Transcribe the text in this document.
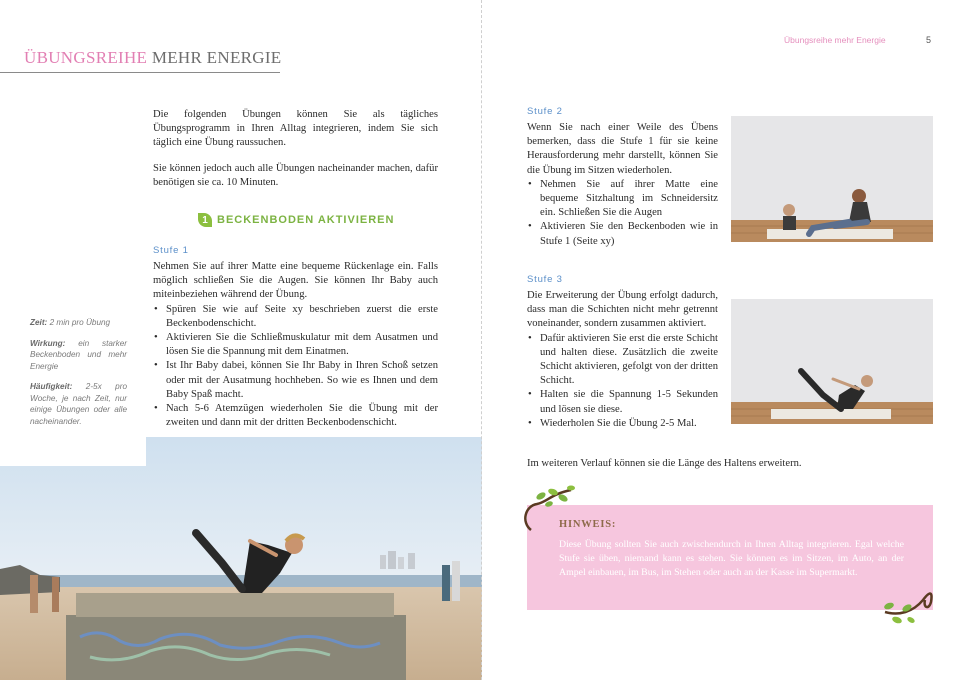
ÜBUNGSREIHE MEHR ENERGIE

Die folgenden Übungen können Sie als tägliches Übungsprogramm in Ihren Alltag integrieren, indem Sie sich täglich eine Übung raussuchen.

Sie können jedoch auch alle Übungen nacheinander machen, dafür benötigen sie ca. 10 Minuten.

1 BECKENBODEN AKTIVIEREN
Stufe 1
Nehmen Sie auf ihrer Matte eine bequeme Rückenlage ein. Falls möglich schließen Sie die Augen. Sie können Ihr Baby auch miteinbeziehen während der Übung.
• Spüren Sie wie auf Seite xy beschrieben zuerst die erste Beckenbodenschicht.
• Aktivieren Sie die Schließmuskulatur mit dem Ausatmen und lösen Sie die Spannung mit dem Einatmen.
• Ist Ihr Baby dabei, können Sie Ihr Baby in Ihren Schoß setzen oder mit der Ausatmung hochheben. So wie es Ihnen und dem Baby Spaß macht.
• Nach 5-6 Atemzügen wiederholen Sie die Übung mit der zweiten und dann mit der dritten Beckenbodenschicht.

Zeit: 2 min pro Übung

Wirkung: ein starker Beckenboden und mehr Energie

Häufigkeit: 2-5x pro Woche, je nach Zeit, nur einige Übungen oder alle nacheinander.

Übungsreihe mehr Energie	5
Stufe 2
Wenn Sie nach einer Weile des Übens bemerken, dass die Stufe 1 für sie keine Herausforderung mehr darstellt, können Sie die Übung im Sitzen wiederholen.
• Nehmen Sie auf ihrer Matte eine bequeme Sitzhaltung im Schneidersitz ein. Schließen Sie die Augen
• Aktivieren Sie den Beckenboden wie in Stufe 1 (Seite xy)
Stufe 3
Die Erweiterung der Übung erfolgt dadurch, dass man die Schichten nicht mehr getrennt voneinander, sondern zusammen aktiviert.
• Dafür aktivieren Sie erst die erste Schicht und halten diese. Zusätzlich die zweite Schicht aktivieren, gefolgt von der dritten Schicht.
• Halten sie die Spannung 1-5 Sekunden und lösen sie diese.
• Wiederholen Sie die Übung 2-5 Mal.
Im weiteren Verlauf können sie die Länge des Haltens erweitern.
HINWEIS:
Diese Übung sollten Sie auch zwischendurch in Ihren Alltag integrieren. Egal welche Stufe sie üben, niemand kann es stehen. Sie können es im Sitzen, im Auto, an der Ampel einbauen, im Bus, im Stehen oder auch an der Kasse im Supermarkt.
